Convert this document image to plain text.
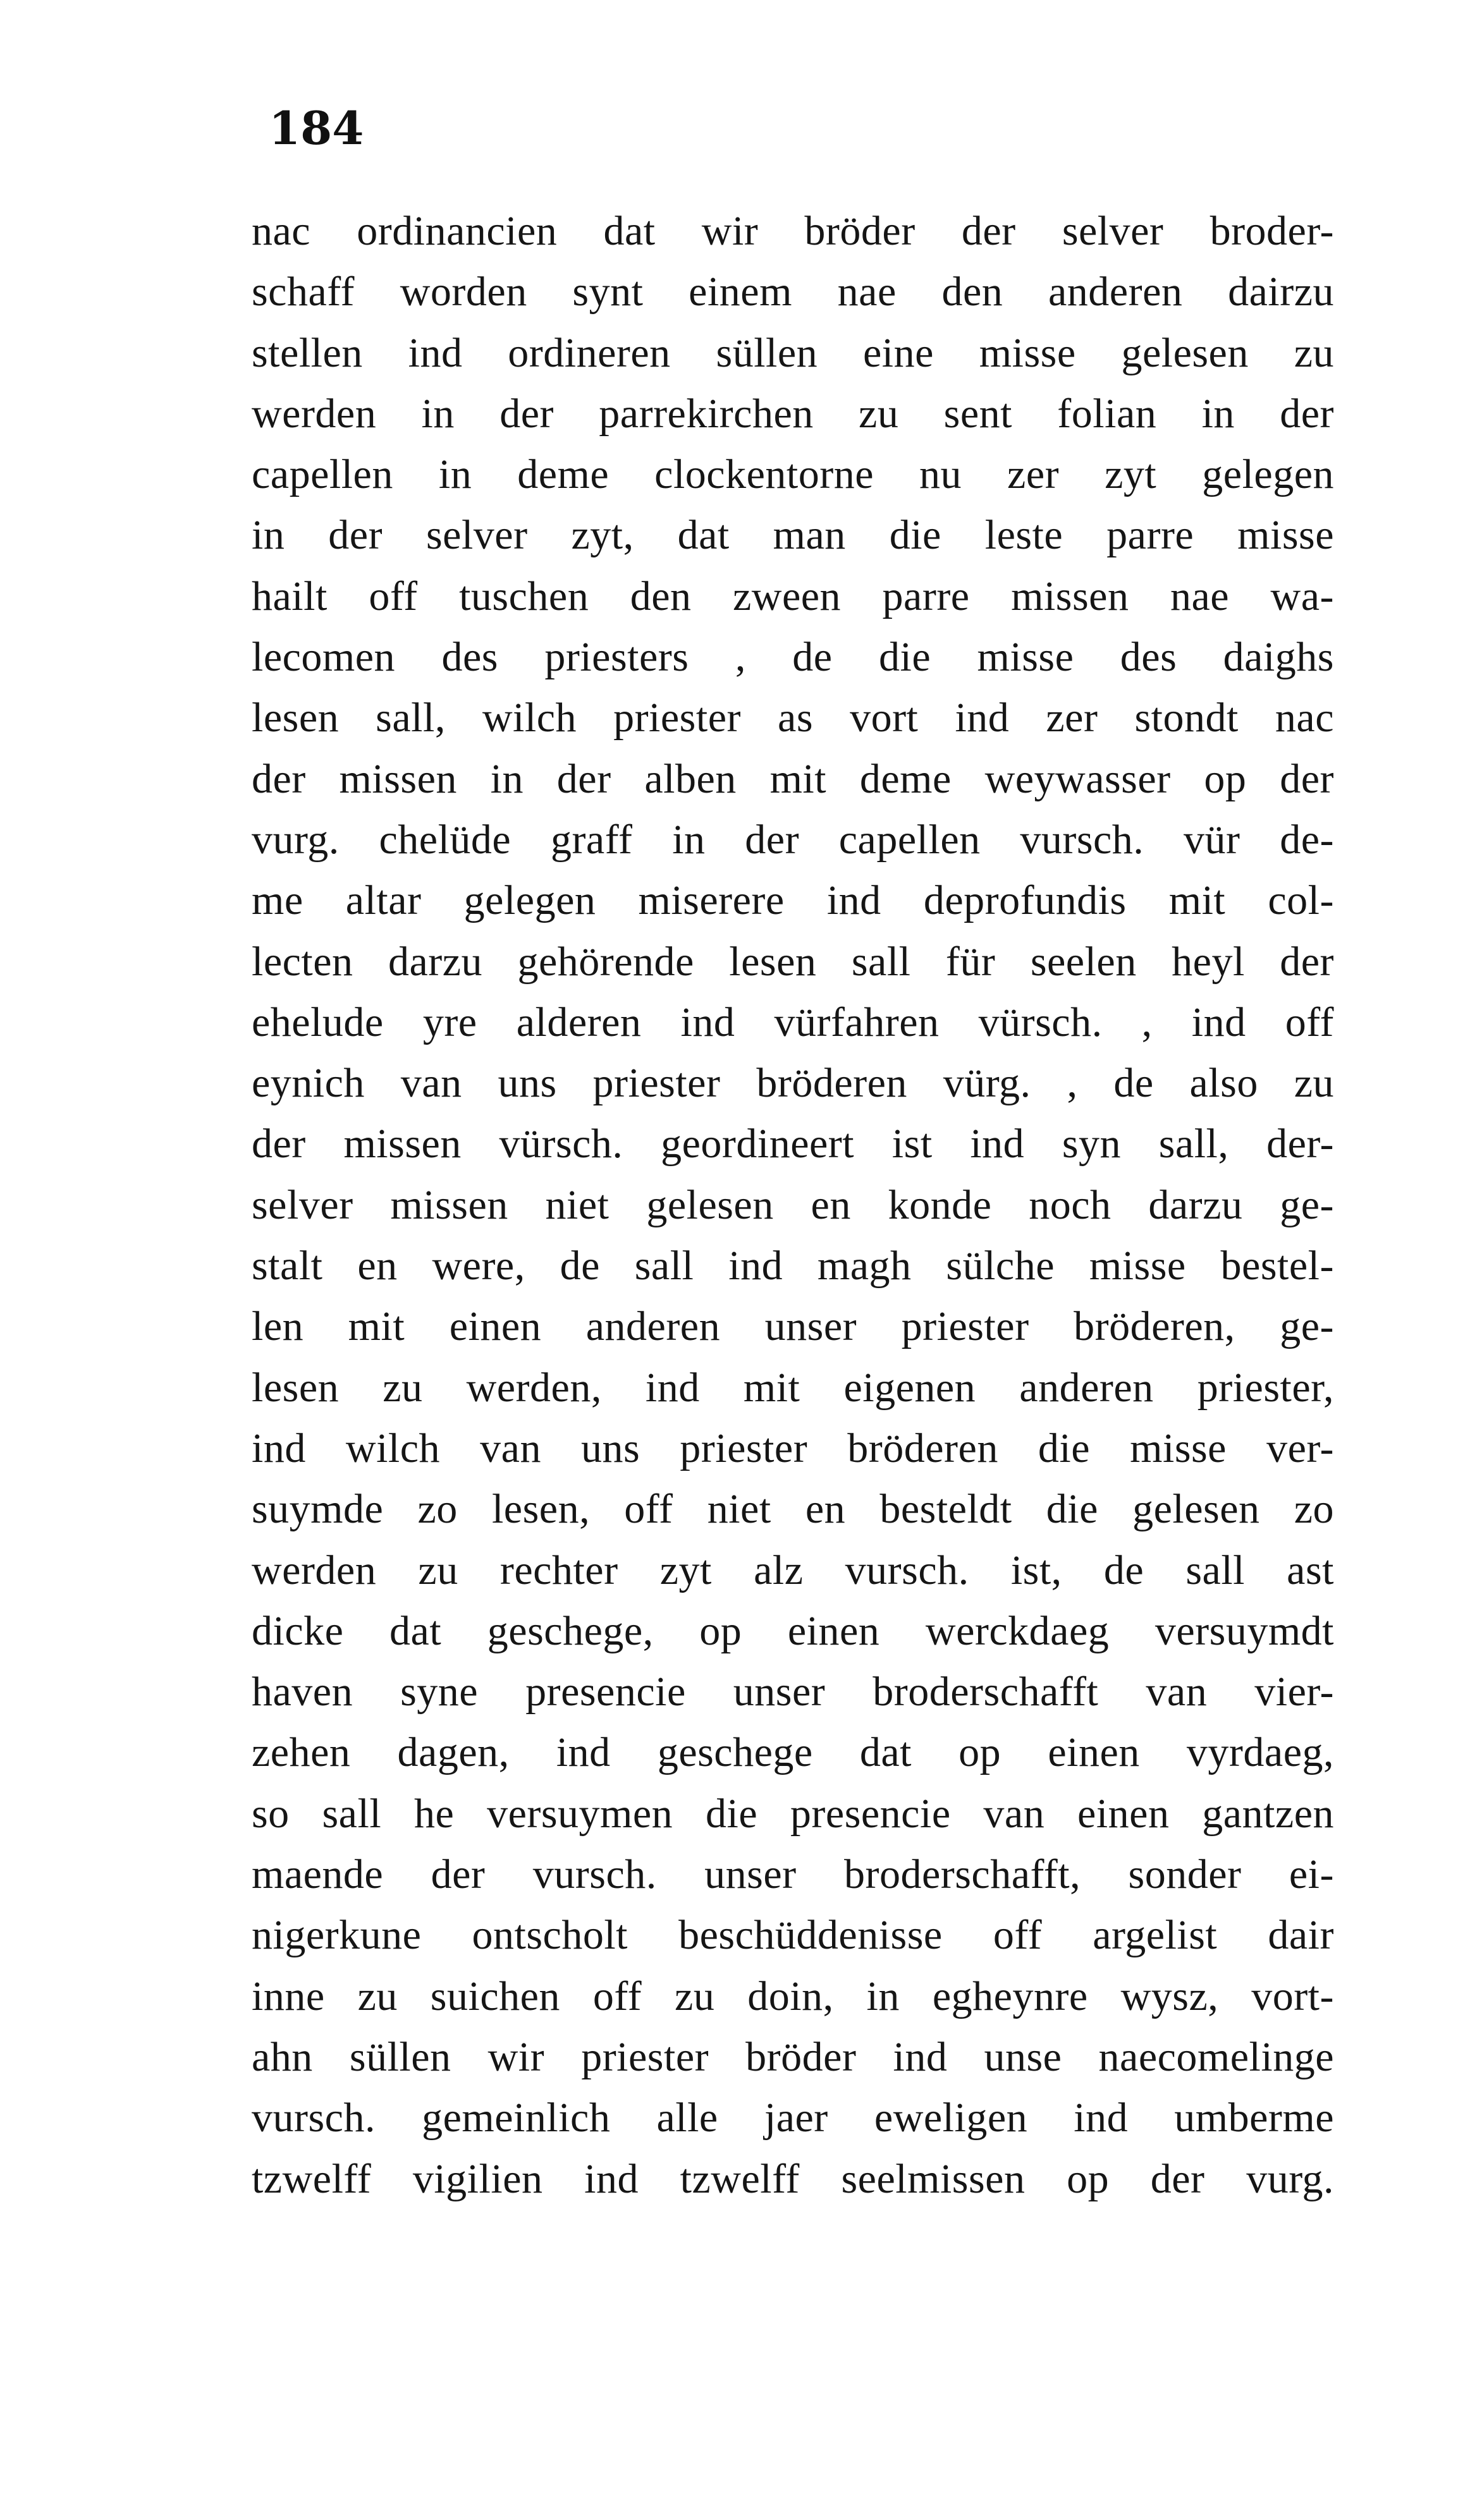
184
nac ordinancien dat wir bröder der selver broder-
schaff worden synt einem nae den anderen dairzu
stellen ind ordineren süllen eine misse gelesen zu
werden in der parrekirchen zu sent folian in der
capellen in deme clockentorne nu zer zyt gelegen
in der selver zyt, dat man die leste parre misse
hailt off tuschen den zween parre missen nae wa-
lecomen des priesters , de die misse des daighs
lesen sall, wilch priester as vort ind zer stondt nac
der missen in der alben mit deme weywasser op der
vurg. chelüde graff in der capellen vursch. vür de-
me altar gelegen miserere ind deprofundis mit col-
lecten darzu gehörende lesen sall für seelen heyl der
ehelude yre alderen ind vürfahren vürsch. , ind off
eynich van uns priester bröderen vürg. , de also zu
der missen vürsch. geordineert ist ind syn sall, der-
selver missen niet gelesen en konde noch darzu ge-
stalt en were, de sall ind magh sülche misse bestel-
len mit einen anderen unser priester bröderen, ge-
lesen zu werden, ind mit eigenen anderen priester,
ind wilch van uns priester bröderen die misse ver-
suymde zo lesen, off niet en besteldt die gelesen zo
werden zu rechter zyt alz vursch. ist, de sall ast
dicke dat geschege, op einen werckdaeg versuymdt
haven syne presencie unser broderschafft van vier-
zehen dagen, ind geschege dat op einen vyrdaeg,
so sall he versuymen die presencie van einen gantzen
maende der vursch. unser broderschafft, sonder ei-
nigerkune ontscholt beschüddenisse off argelist dair
inne zu suichen off zu doin, in egheynre wysz, vort-
ahn süllen wir priester bröder ind unse naecomelinge
vursch. gemeinlich alle jaer eweligen ind umberme
tzwelff vigilien ind tzwelff seelmissen op der vurg.
